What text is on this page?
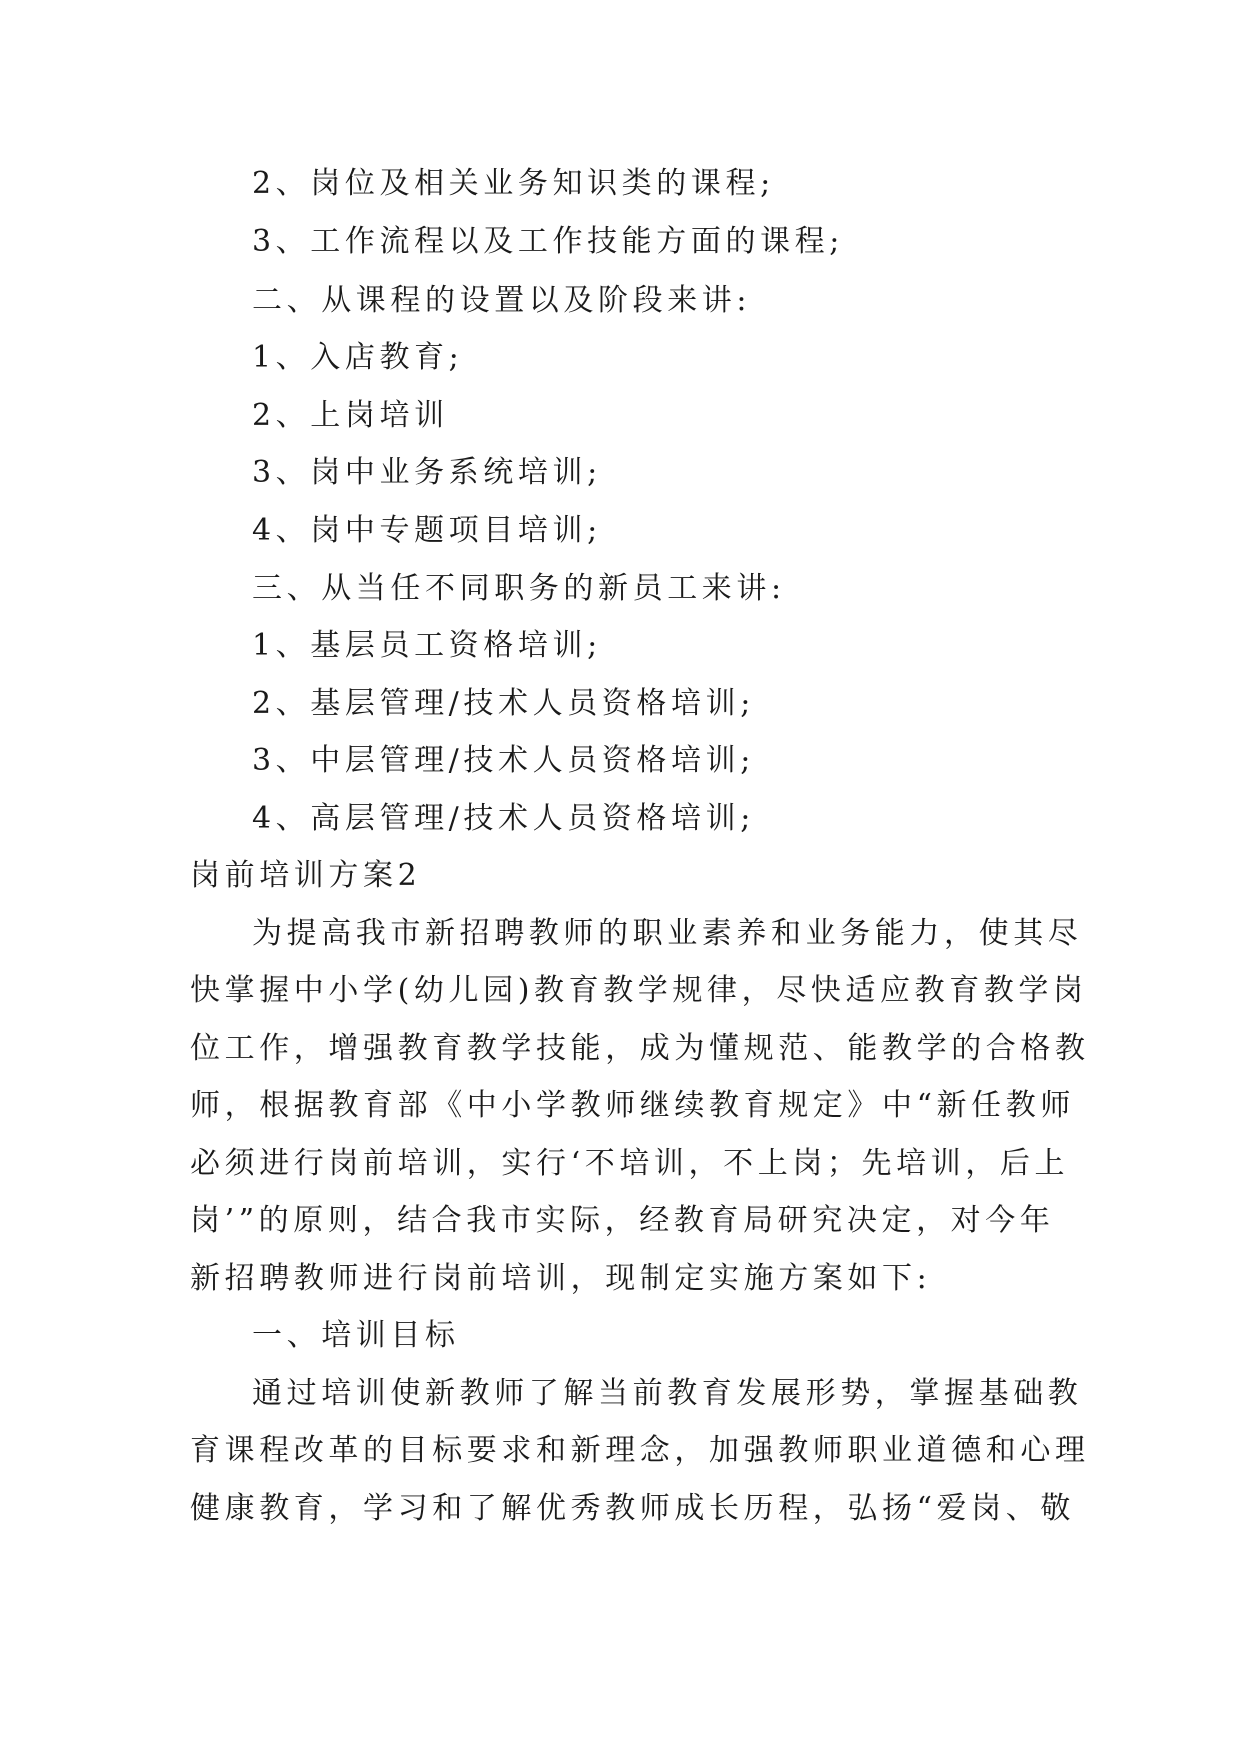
2、岗位及相关业务知识类的课程;
3、工作流程以及工作技能方面的课程;
二、从课程的设置以及阶段来讲:
1、入店教育;
2、上岗培训
3、岗中业务系统培训;
4、岗中专题项目培训;
三、从当任不同职务的新员工来讲:
1、基层员工资格培训;
2、基层管理/技术人员资格培训;
3、中层管理/技术人员资格培训;
4、高层管理/技术人员资格培训;
岗前培训方案2
为提高我市新招聘教师的职业素养和业务能力，使其尽
快掌握中小学(幼儿园)教育教学规律，尽快适应教育教学岗
位工作，增强教育教学技能，成为懂规范、能教学的合格教
师，根据教育部《中小学教师继续教育规定》中“新任教师
必须进行岗前培训，实行‘不培训，不上岗；先培训，后上
岗’”的原则，结合我市实际，经教育局研究决定，对今年
新招聘教师进行岗前培训，现制定实施方案如下:
一、培训目标
通过培训使新教师了解当前教育发展形势，掌握基础教
育课程改革的目标要求和新理念，加强教师职业道德和心理
健康教育，学习和了解优秀教师成长历程，弘扬“爱岗、敬
